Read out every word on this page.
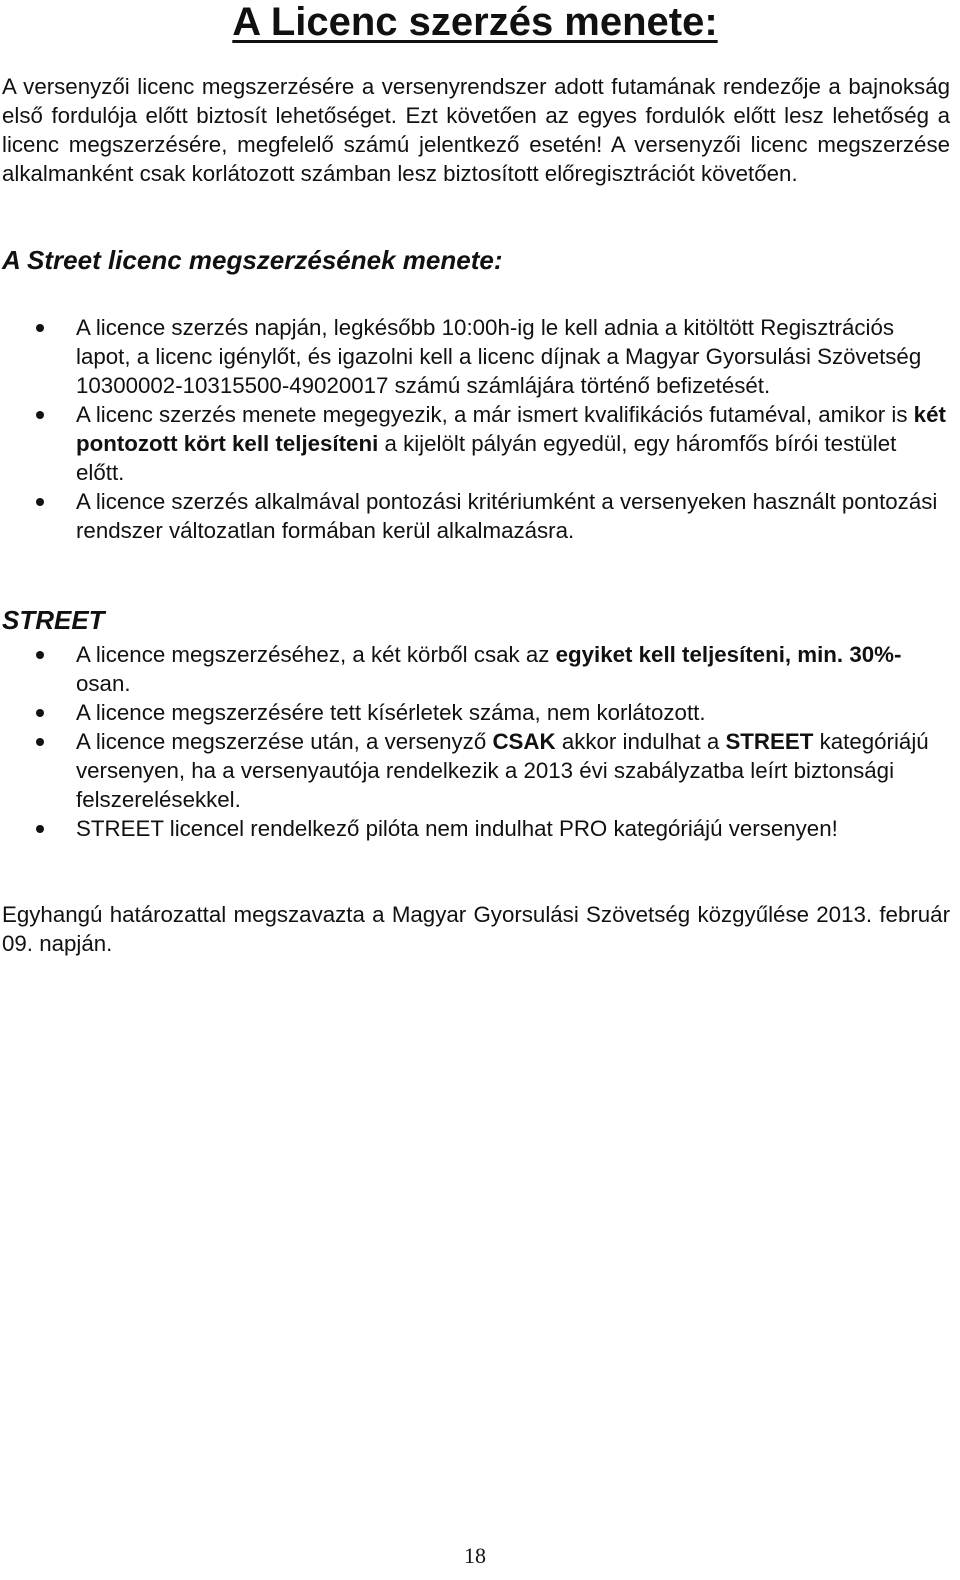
A Licenc szerzés menete:

A versenyzői licenc megszerzésére a versenyrendszer adott futamának rendezője a bajnokság első fordulója előtt biztosít lehetőséget. Ezt követően az egyes fordulók előtt lesz lehetőség a licenc megszerzésére, megfelelő számú jelentkező esetén! A versenyzői licenc megszerzése alkalmanként csak korlátozott számban lesz biztosított előregisztrációt követően.

A Street licenc megszerzésének menete:
A licence szerzés napján, legkésőbb 10:00h-ig le kell adnia a kitöltött Regisztrációs lapot, a licenc igénylőt, és igazolni kell a licenc díjnak a Magyar Gyorsulási Szövetség 10300002-10315500-49020017 számú számlájára történő befizetését.
A licenc szerzés menete megegyezik, a már ismert kvalifikációs futaméval, amikor is két pontozott kört kell teljesíteni a kijelölt pályán egyedül, egy háromfős bírói testület előtt.
A licence szerzés alkalmával pontozási kritériumként a versenyeken használt pontozási rendszer változatlan formában kerül alkalmazásra.
STREET
A licence megszerzéséhez, a két körből csak az egyiket kell teljesíteni, min. 30%-osan.
A licence megszerzésére tett kísérletek száma, nem korlátozott.
A licence megszerzése után, a versenyző CSAK akkor indulhat a STREET kategóriájú versenyen, ha a versenyautója rendelkezik a 2013 évi szabályzatba leírt biztonsági felszerelésekkel.
STREET licencel rendelkező pilóta nem indulhat PRO kategóriájú versenyen!

Egyhangú határozattal megszavazta a Magyar Gyorsulási Szövetség közgyűlése 2013. február 09. napján.

18
